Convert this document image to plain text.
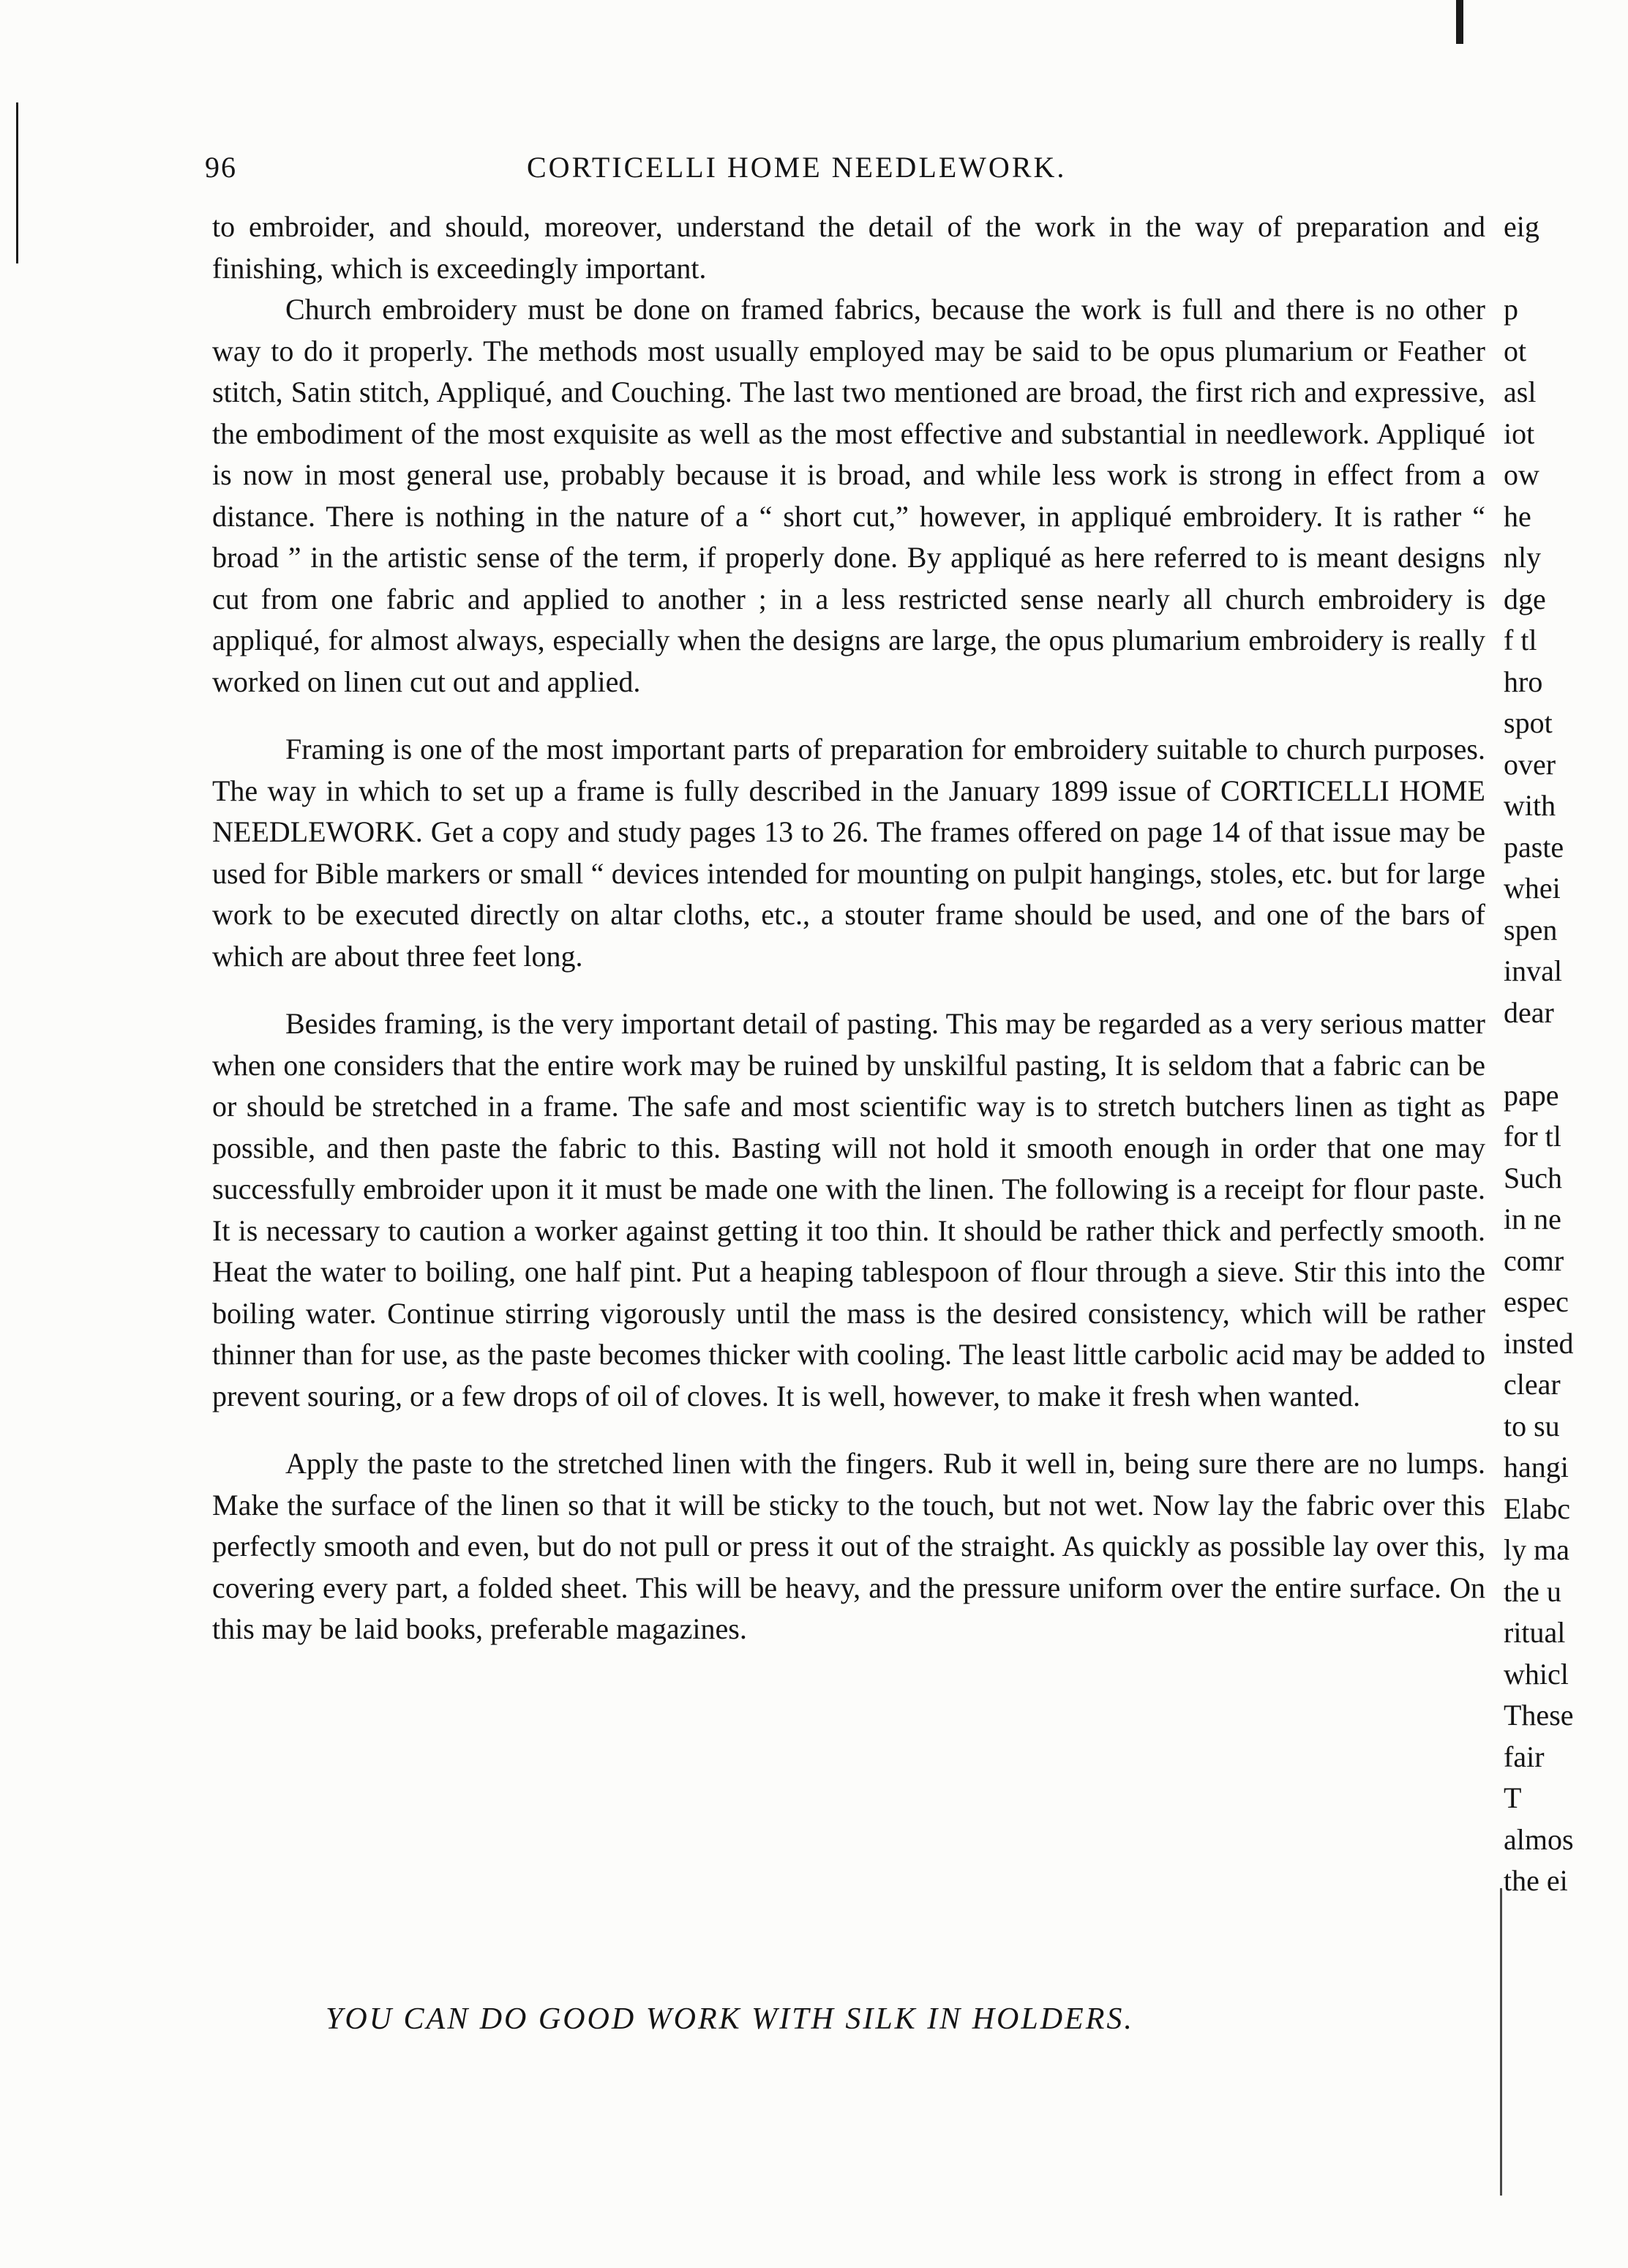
96	CORTICELLI HOME NEEDLEWORK.

to embroider, and should, moreover, understand the detail of the work in the way of preparation and finishing, which is exceedingly important.

Church embroidery must be done on framed fabrics, because the work is full and there is no other way to do it properly. The methods most usually employed may be said to be opus plumarium or Feather stitch, Satin stitch, Appliqué, and Couching. The last two mentioned are broad, the first rich and expressive, the embodiment of the most exquisite as well as the most effective and substantial in needlework. Appliqué is now in most general use, probably because it is broad, and while less work is strong in effect from a distance. There is nothing in the nature of a “ short cut,” however, in appliqué embroidery. It is rather “ broad ” in the artistic sense of the term, if properly done. By appliqué as here referred to is meant designs cut from one fabric and applied to another ; in a less restricted sense nearly all church embroidery is appliqué, for almost always, especially when the designs are large, the opus plumarium embroidery is really worked on linen cut out and applied.

Framing is one of the most important parts of preparation for embroidery suitable to church purposes. The way in which to set up a frame is fully described in the January 1899 issue of CORTICELLI HOME NEEDLEWORK. Get a copy and study pages 13 to 26. The frames offered on page 14 of that issue may be used for Bible markers or small “ devices intended for mounting on pulpit hangings, stoles, etc. but for large work to be executed directly on altar cloths, etc., a stouter frame should be used, and one of the bars of which are about three feet long.

Besides framing, is the very important detail of pasting. This may be regarded as a very serious matter when one considers that the entire work may be ruined by unskilful pasting, It is seldom that a fabric can be or should be stretched in a frame. The safe and most scientific way is to stretch butchers linen as tight as possible, and then paste the fabric to this. Basting will not hold it smooth enough in order that one may successfully embroider upon it it must be made one with the linen. The following is a receipt for flour paste. It is necessary to caution a worker against getting it too thin. It should be rather thick and perfectly smooth. Heat the water to boiling, one half pint. Put a heaping tablespoon of flour through a sieve. Stir this into the boiling water. Continue stirring vigorously until the mass is the desired consistency, which will be rather thinner than for use, as the paste becomes thicker with cooling. The least little carbolic acid may be added to prevent souring, or a few drops of oil of cloves. It is well, however, to make it fresh when wanted.

Apply the paste to the stretched linen with the fingers. Rub it well in, being sure there are no lumps. Make the surface of the linen so that it will be sticky to the touch, but not wet. Now lay the fabric over this perfectly smooth and even, but do not pull or press it out of the straight. As quickly as possible lay over this, covering every part, a folded sheet. This will be heavy, and the pressure uniform over the entire surface. On this may be laid books, preferable magazines.

YOU CAN DO GOOD WORK WITH SILK IN HOLDERS.
eig
p
ot
asl
iot
ow
he
nly
dge
f tl
hro
spot
over
with
paste
whei
spen
inval
dear
pape
for tl
Such
in ne
comr
espec
insted
clear
to su
hangi
Elabc
ly ma
the u
ritual
whicl
These
fair
T
almos
the ei
